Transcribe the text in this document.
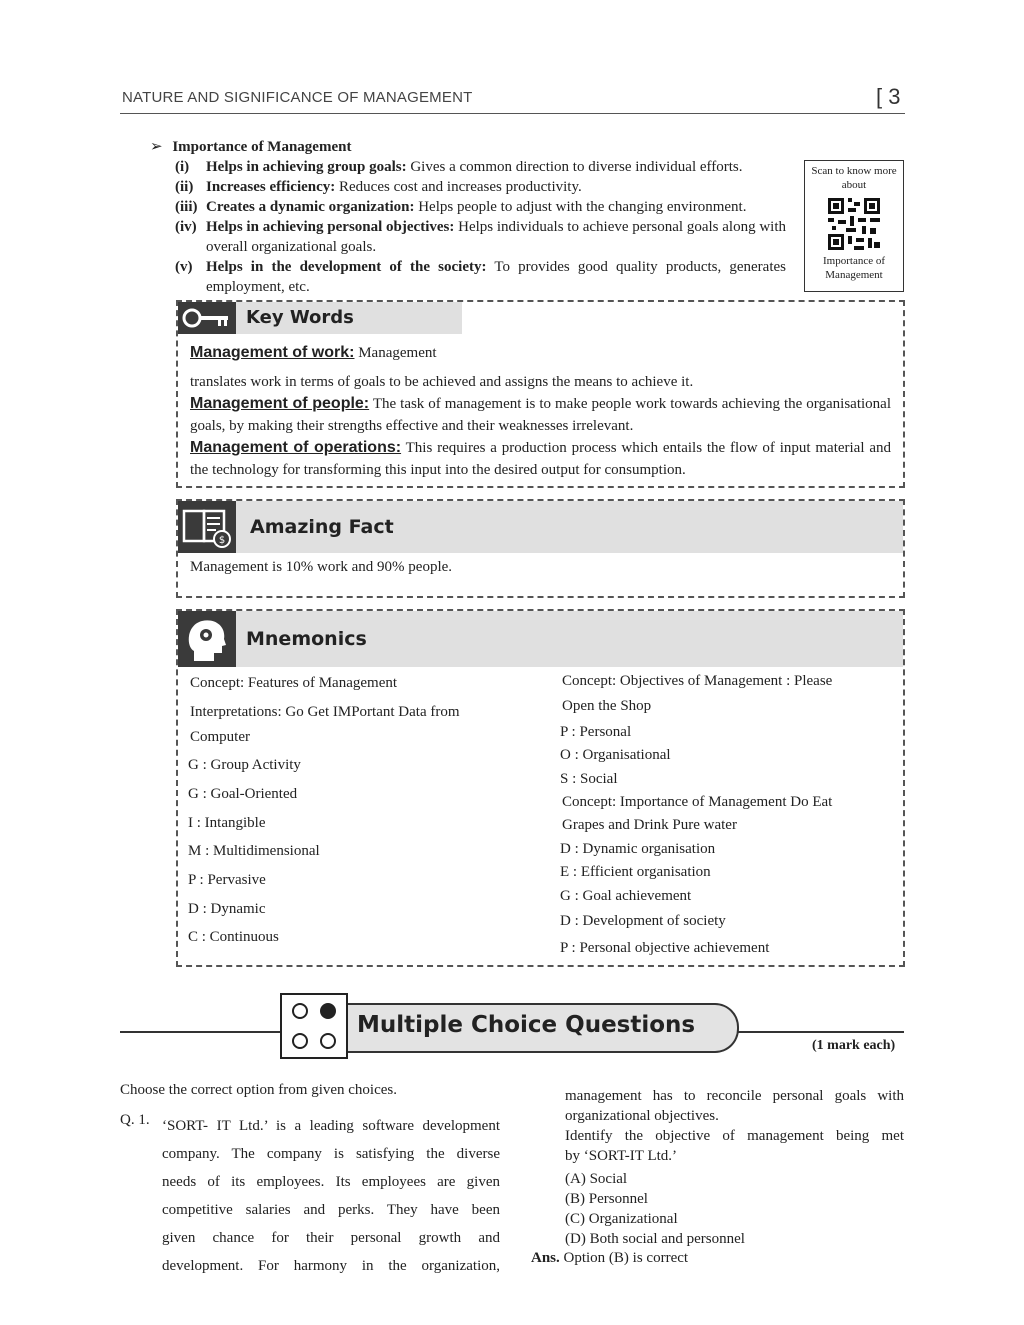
NATURE AND SIGNIFICANCE OF MANAGEMENT	[ 3
➢ Importance of Management
(i) Helps in achieving group goals: Gives a common direction to diverse individual efforts.
(ii) Increases efficiency: Reduces cost and increases productivity.
(iii) Creates a dynamic organization: Helps people to adjust with the changing environment.
(iv) Helps in achieving personal objectives: Helps individuals to achieve personal goals along with overall organizational goals.
(v) Helps in the development of the society: To provides good quality products, generates employment, etc.
Scan to know more about
Importance of Management
Key Words
Management of work: Management
translates work in terms of goals to be achieved and assigns the means to achieve it.
Management of people: The task of management is to make people work towards achieving the organisational goals, by making their strengths effective and their weaknesses irrelevant.
Management of operations: This requires a production process which entails the flow of input material and the technology for transforming this input into the desired output for consumption.
$
Amazing Fact
Management is 10% work and 90% people.
Mnemonics
Concept: Features of Management
Interpretations: Go Get IMPortant Data from
Computer
G : Group Activity
G : Goal-Oriented
I : Intangible
M : Multidimensional
P : Pervasive
D : Dynamic
C : Continuous
Concept: Objectives of Management : Please
Open the Shop
P : Personal
O : Organisational
S : Social
Concept: Importance of Management Do Eat
Grapes and Drink Pure water
D : Dynamic organisation
E : Efficient organisation
G : Goal achievement
D : Development of society
P : Personal objective achievement
Multiple Choice Questions
(1 mark each)
Choose the correct option from given choices.
Q. 1. ‘SORT- IT Ltd.’ is a leading software development
company. The company is satisfying the diverse
needs of its employees. Its employees are given
competitive salaries and perks. They have been
given chance for their personal growth and
development. For harmony in the organization,
management has to reconcile personal goals with
organizational objectives.
Identify the objective of management being met
by ‘SORT-IT Ltd.’
(A) Social
(B) Personnel
(C) Organizational
(D) Both social and personnel
Ans. Option (B) is correct
